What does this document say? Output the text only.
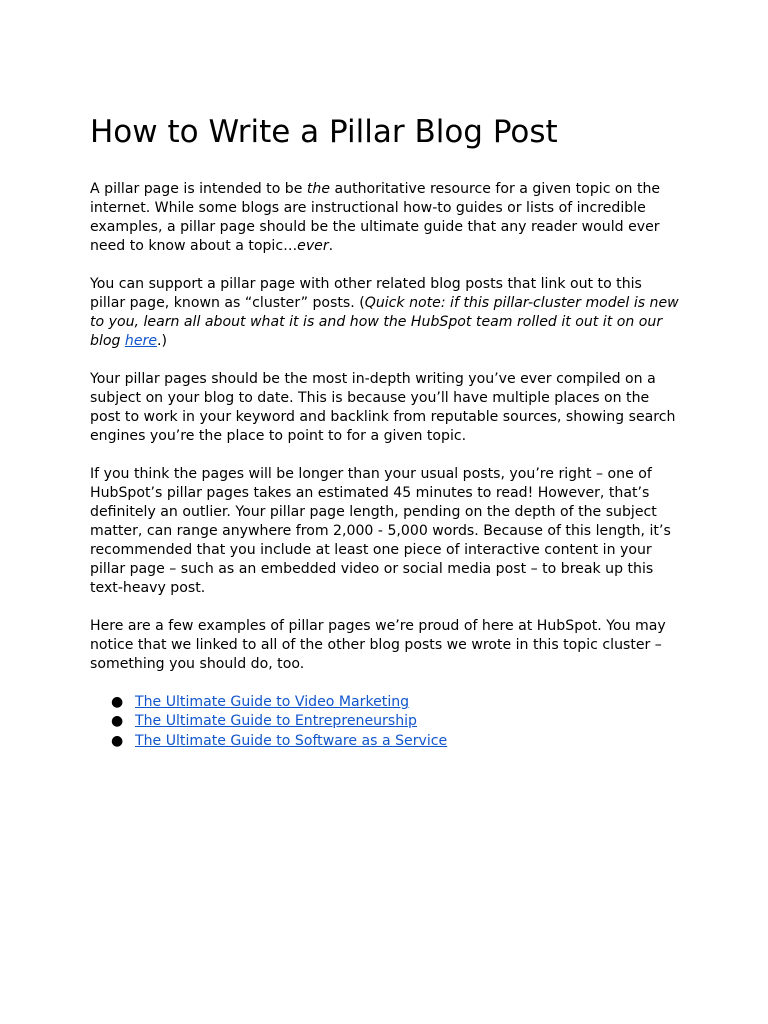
How to Write a Pillar Blog Post

A pillar page is intended to be the authoritative resource for a given topic on the internet. While some blogs are instructional how-to guides or lists of incredible examples, a pillar page should be the ultimate guide that any reader would ever need to know about a topic…ever.

You can support a pillar page with other related blog posts that link out to this pillar page, known as “cluster” posts. (Quick note: if this pillar-cluster model is new to you, learn all about what it is and how the HubSpot team rolled it out it on our blog here.)

Your pillar pages should be the most in-depth writing you’ve ever compiled on a subject on your blog to date. This is because you’ll have multiple places on the post to work in your keyword and backlink from reputable sources, showing search engines you’re the place to point to for a given topic.

If you think the pages will be longer than your usual posts, you’re right – one of HubSpot’s pillar pages takes an estimated 45 minutes to read! However, that’s definitely an outlier. Your pillar page length, pending on the depth of the subject matter, can range anywhere from 2,000 - 5,000 words. Because of this length, it’s recommended that you include at least one piece of interactive content in your pillar page – such as an embedded video or social media post – to break up this text-heavy post.

Here are a few examples of pillar pages we’re proud of here at HubSpot. You may notice that we linked to all of the other blog posts we wrote in this topic cluster – something you should do, too.

● The Ultimate Guide to Video Marketing
● The Ultimate Guide to Entrepreneurship
● The Ultimate Guide to Software as a Service
